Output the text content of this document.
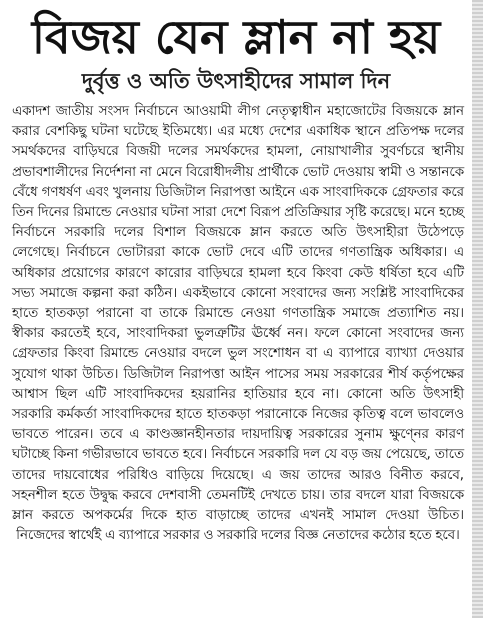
বিজয় যেন ম্লান না হয়
দুর্বৃত্ত ও অতি উৎসাহীদের সামাল দিন

একাদশ জাতীয় সংসদ নির্বাচনে আওয়ামী লীগ নেতৃত্বাধীন মহাজোটের বিজয়কে ম্লান করার বেশকিছু ঘটনা ঘটেছে ইতিমধ্যে। এর মধ্যে দেশের একাধিক স্থানে প্রতিপক্ষ দলের সমর্থকদের বাড়িঘরে বিজয়ী দলের সমর্থকদের হামলা, নোয়াখালীর সুবর্ণচরে স্থানীয় প্রভাবশালীদের নির্দেশনা না মেনে বিরোধীদলীয় প্রার্থীকে ভোট দেওয়ায় স্বামী ও সন্তানকে বেঁধে গণধর্ষণ এবং খুলনায় ডিজিটাল নিরাপত্তা আইনে এক সাংবাদিককে গ্রেফতার করে তিন দিনের রিমান্ডে নেওয়ার ঘটনা সারা দেশে বিরূপ প্রতিক্রিয়ার সৃষ্টি করেছে। মনে হচ্ছে নির্বাচনে সরকারি দলের বিশাল বিজয়কে ম্লান করতে অতি উৎসাহীরা উঠেপড়ে লেগেছে। নির্বাচনে ভোটাররা কাকে ভোট দেবে এটি তাদের গণতান্ত্রিক অধিকার। এ অধিকার প্রয়োগের কারণে কারোর বাড়িঘরে হামলা হবে কিংবা কেউ ধর্ষিতা হবে এটি সভ্য সমাজে কল্পনা করা কঠিন। একইভাবে কোনো সংবাদের জন্য সংশ্লিষ্ট সাংবাদিকের হাতে হাতকড়া পরানো বা তাকে রিমান্ডে নেওয়া গণতান্ত্রিক সমাজে প্রত্যাশিত নয়। স্বীকার করতেই হবে, সাংবাদিকরা ভুলত্রুটির ঊর্ধ্বে নন। ফলে কোনো সংবাদের জন্য গ্রেফতার কিংবা রিমান্ডে নেওয়ার বদলে ভুল সংশোধন বা এ ব্যাপারে ব্যাখ্যা দেওয়ার সুযোগ থাকা উচিত। ডিজিটাল নিরাপত্তা আইন পাসের সময় সরকারের শীর্ষ কর্তৃপক্ষের আশ্বাস ছিল এটি সাংবাদিকদের হয়রানির হাতিয়ার হবে না। কোনো অতি উৎসাহী সরকারি কর্মকর্তা সাংবাদিকদের হাতে হাতকড়া পরানোকে নিজের কৃতিত্ব বলে ভাবলেও ভাবতে পারেন। তবে এ কাণ্ডজ্ঞানহীনতার দায়দায়িত্ব সরকারের সুনাম ক্ষুণ্নের কারণ ঘটাচ্ছে কিনা গভীরভাবে ভাবতে হবে। নির্বাচনে সরকারি দল যে বড় জয় পেয়েছে, তাতে তাদের দায়বোধের পরিধিও বাড়িয়ে দিয়েছে। এ জয় তাদের আরও বিনীত করবে, সহনশীল হতে উদ্বুদ্ধ করবে দেশবাসী তেমনটিই দেখতে চায়। তার বদলে যারা বিজয়কে ম্লান করতে অপকর্মের দিকে হাত বাড়াচ্ছে তাদের এখনই সামাল দেওয়া উচিত। নিজেদের স্বার্থেই এ ব্যাপারে সরকার ও সরকারি দলের বিজ্ঞ নেতাদের কঠোর হতে হবে।
